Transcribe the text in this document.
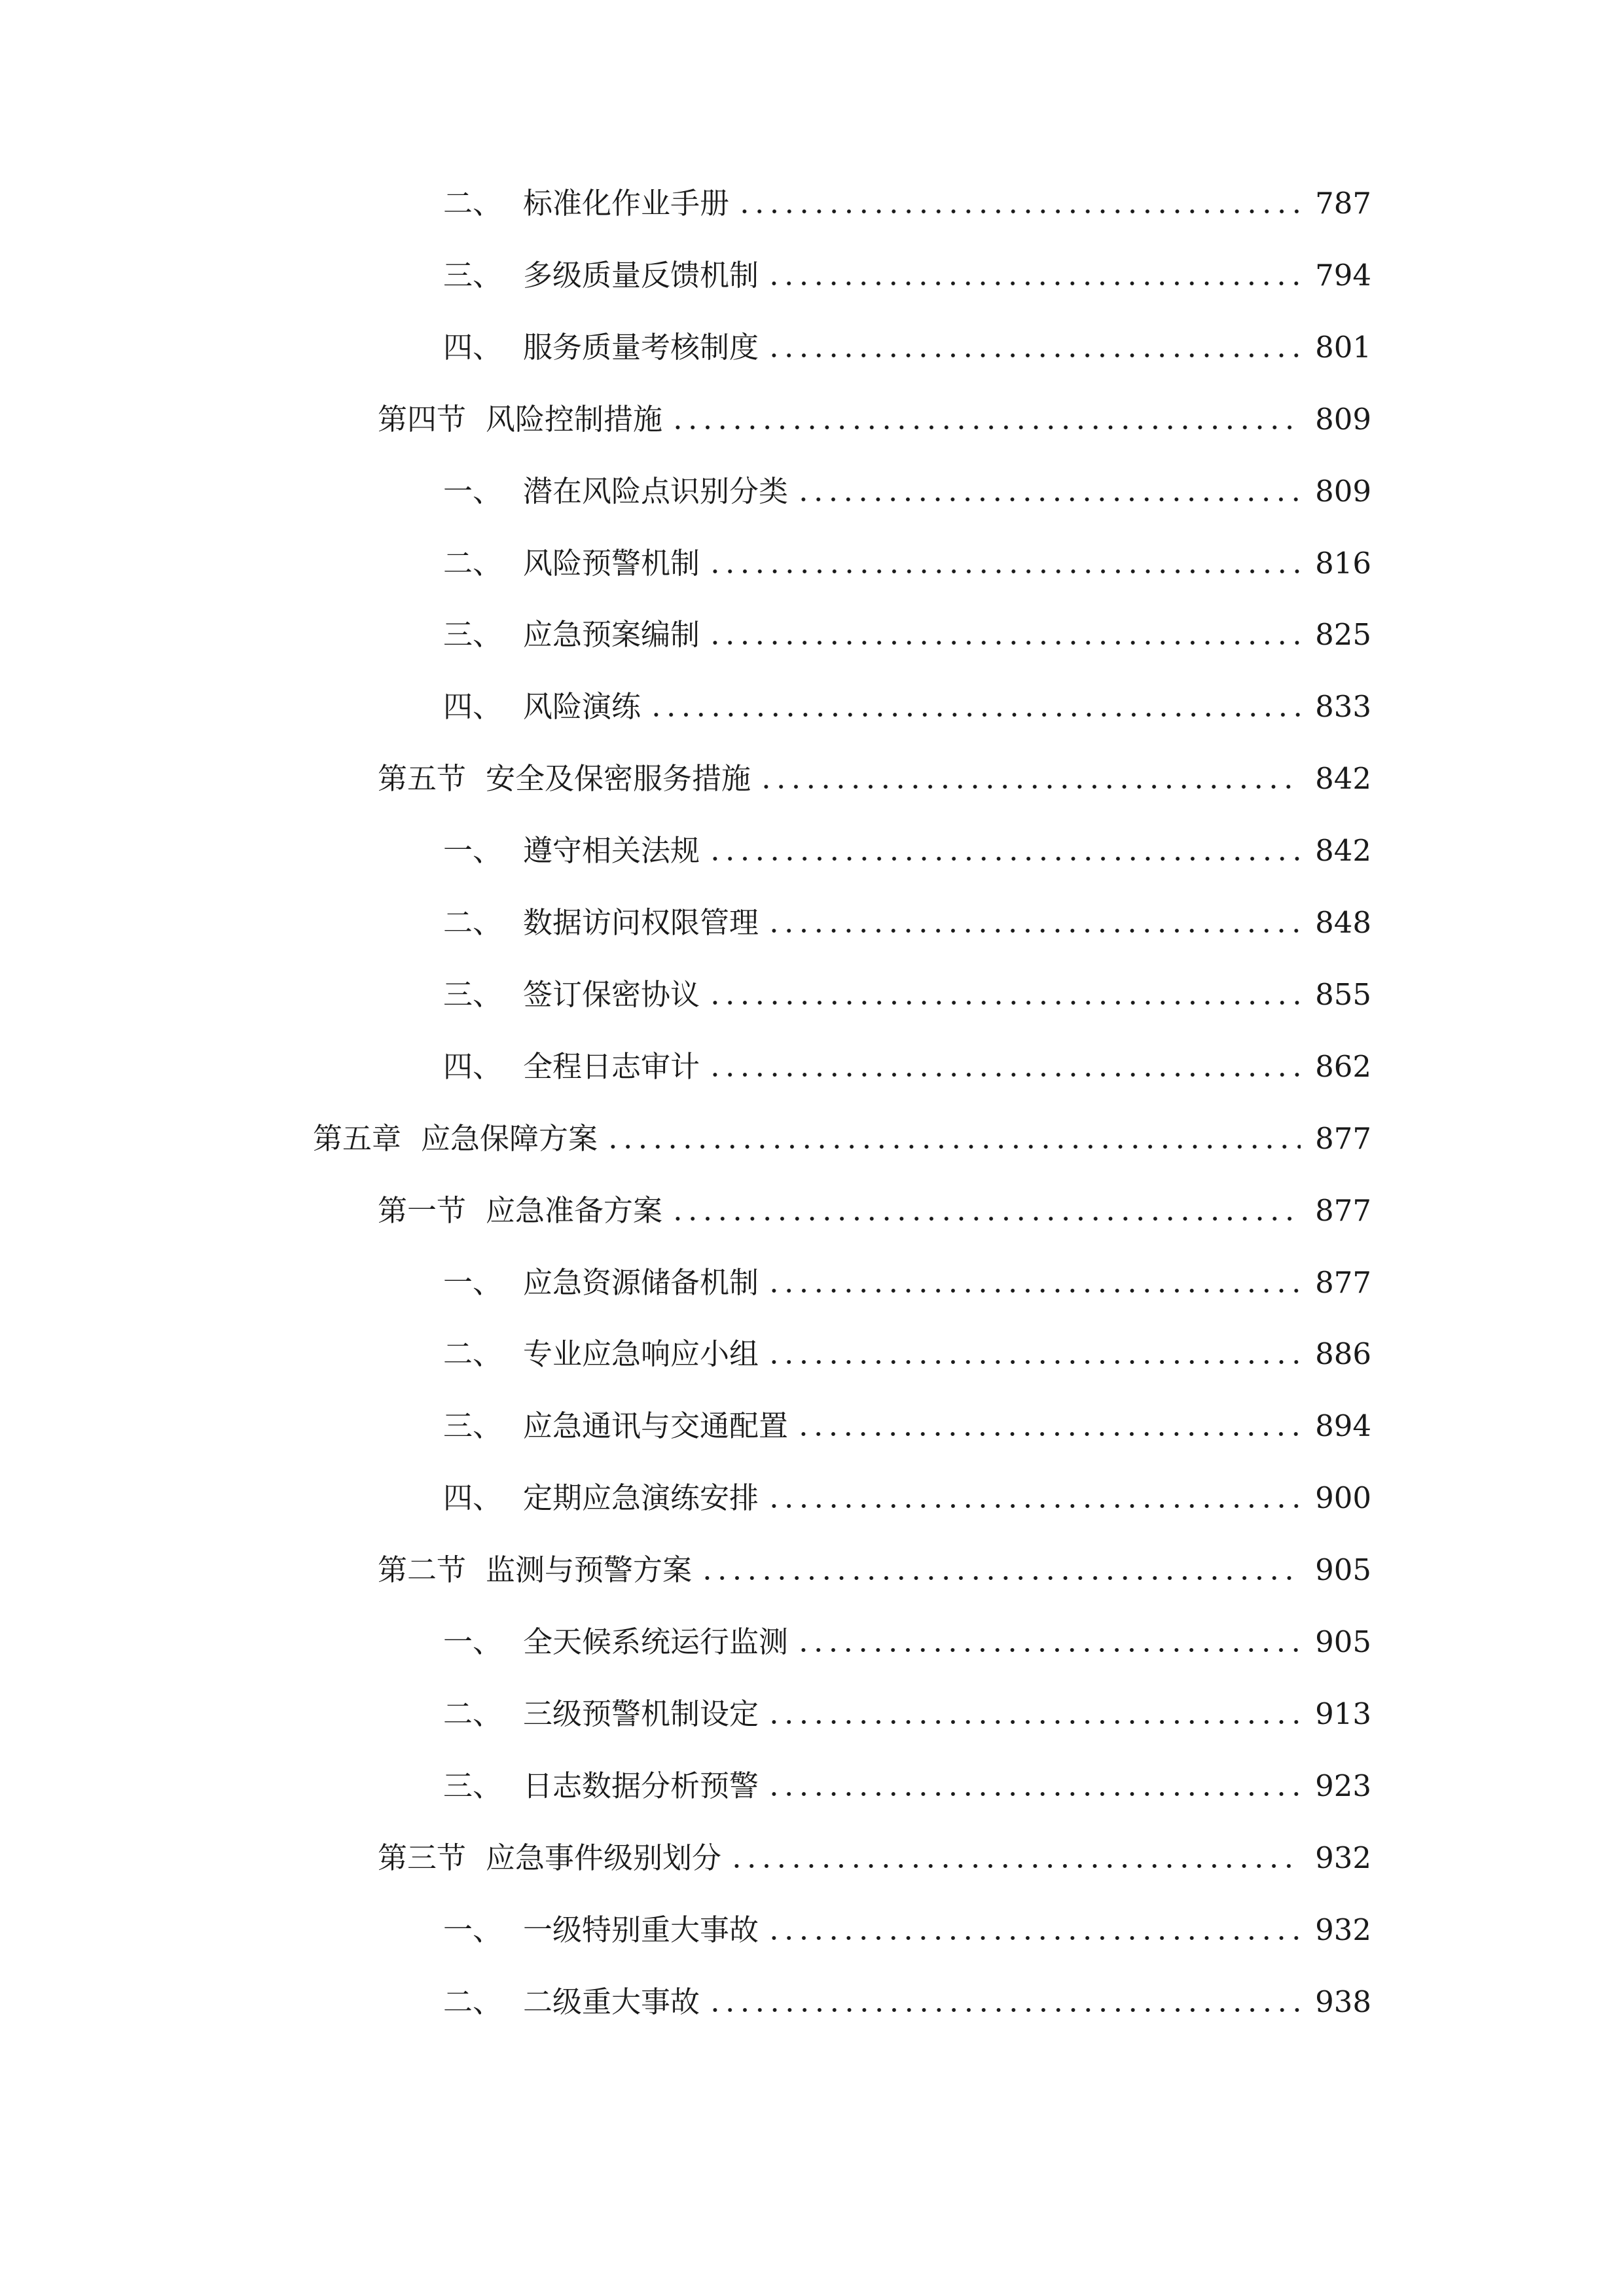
二、 标准化作业手册	787
三、 多级质量反馈机制	794
四、 服务质量考核制度	801
第四节 风险控制措施	809
一、 潜在风险点识别分类	809
二、 风险预警机制	816
三、 应急预案编制	825
四、 风险演练	833
第五节 安全及保密服务措施	842
一、 遵守相关法规	842
二、 数据访问权限管理	848
三、 签订保密协议	855
四、 全程日志审计	862
第五章 应急保障方案	877
第一节 应急准备方案	877
一、 应急资源储备机制	877
二、 专业应急响应小组	886
三、 应急通讯与交通配置	894
四、 定期应急演练安排	900
第二节 监测与预警方案	905
一、 全天候系统运行监测	905
二、 三级预警机制设定	913
三、 日志数据分析预警	923
第三节 应急事件级别划分	932
一、 一级特别重大事故	932
二、 二级重大事故	938
